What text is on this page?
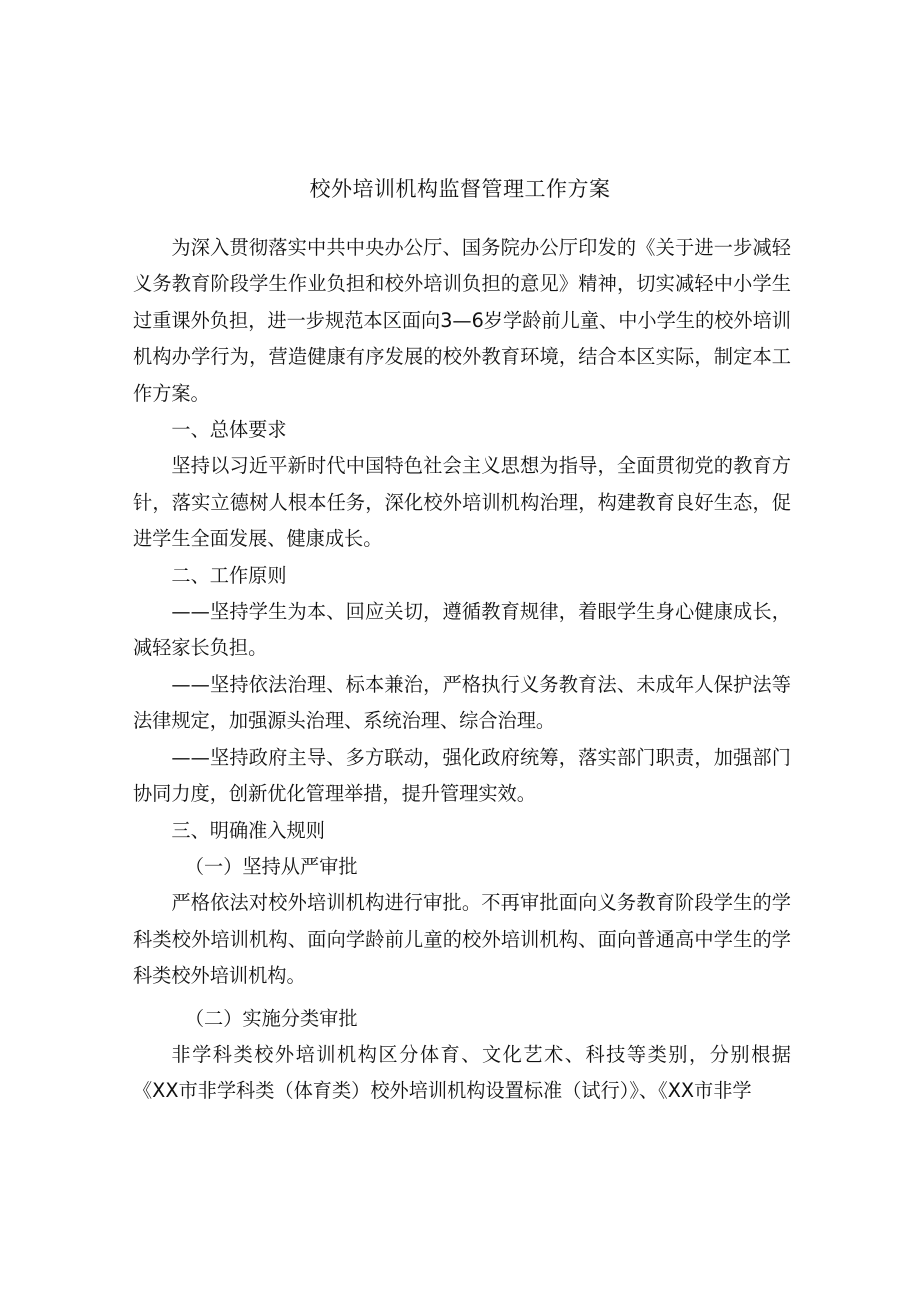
校外培训机构监督管理工作方案

为深入贯彻落实中共中央办公厅、国务院办公厅印发的《关于进一步减轻义务教育阶段学生作业负担和校外培训负担的意见》精神，切实减轻中小学生过重课外负担，进一步规范本区面向3—6岁学龄前儿童、中小学生的校外培训机构办学行为，营造健康有序发展的校外教育环境，结合本区实际，制定本工作方案。

一、总体要求

坚持以习近平新时代中国特色社会主义思想为指导，全面贯彻党的教育方针，落实立德树人根本任务，深化校外培训机构治理，构建教育良好生态，促进学生全面发展、健康成长。

二、工作原则

——坚持学生为本、回应关切，遵循教育规律，着眼学生身心健康成长，减轻家长负担。

——坚持依法治理、标本兼治，严格执行义务教育法、未成年人保护法等法律规定，加强源头治理、系统治理、综合治理。

——坚持政府主导、多方联动，强化政府统筹，落实部门职责，加强部门协同力度，创新优化管理举措，提升管理实效。

三、明确准入规则

（一）坚持从严审批

严格依法对校外培训机构进行审批。不再审批面向义务教育阶段学生的学科类校外培训机构、面向学龄前儿童的校外培训机构、面向普通高中学生的学科类校外培训机构。

（二）实施分类审批

非学科类校外培训机构区分体育、文化艺术、科技等类别，分别根据《XX市非学科类（体育类）校外培训机构设置标准（试行）》、《XX市非学
